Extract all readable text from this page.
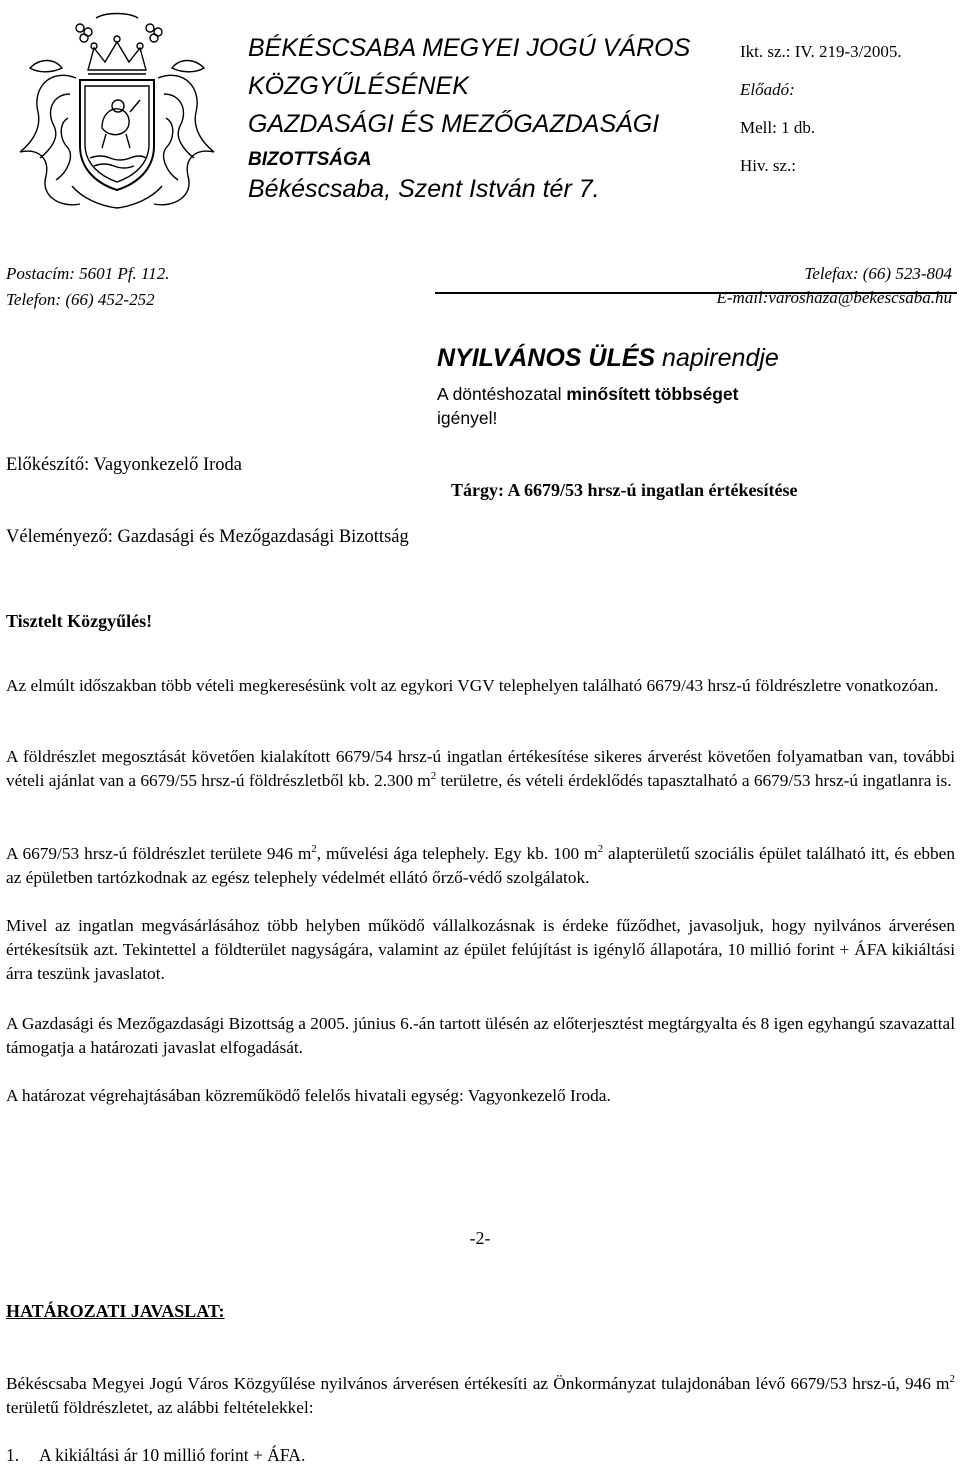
BÉKÉSCSABA MEGYEI JOGÚ VÁROS
KÖZGYŰLÉSÉNEK
GAZDASÁGI ÉS MEZŐGAZDASÁGI
BIZOTTSÁGA
Békéscsaba, Szent István tér 7.
Ikt. sz.: IV. 219-3/2005.
Előadó:
Mell: 1 db.
Hiv. sz.:
Postacím: 5601 Pf. 112.
Telefon: (66) 452-252
Telefax: (66) 523-804
E-mail:varoshaza@bekescsaba.hu
NYILVÁNOS ÜLÉS napirendje
A döntéshozatal minősített többséget
igényel!
Előkészítő: Vagyonkezelő Iroda
Tárgy: A 6679/53 hrsz-ú ingatlan értékesítése
Véleményező: Gazdasági és Mezőgazdasági Bizottság
Tisztelt Közgyűlés!

Az elmúlt időszakban több vételi megkeresésünk volt az egykori VGV telephelyen található 6679/43 hrsz-ú földrészletre vonatkozóan.

A földrészlet megosztását követően kialakított 6679/54 hrsz-ú ingatlan értékesítése sikeres árverést követően folyamatban van, további vételi ajánlat van a 6679/55 hrsz-ú földrészletből kb. 2.300 $m^2$ területre, és vételi érdeklődés tapasztalható a 6679/53 hrsz-ú ingatlanra is.

A 6679/53 hrsz-ú földrészlet területe 946 $m^2$, művelési ága telephely. Egy kb. 100 $m^2$ alapterületű szociális épület található itt, és ebben az épületben tartózkodnak az egész telephely védelmét ellátó őrző-védő szolgálatok.

Mivel az ingatlan megvásárlásához több helyben működő vállalkozásnak is érdeke fűződhet, javasoljuk, hogy nyilvános árverésen értékesítsük azt. Tekintettel a földterület nagyságára, valamint az épület felújítást is igénylő állapotára, 10 millió forint + ÁFA kikiáltási árra teszünk javaslatot.

A Gazdasági és Mezőgazdasági Bizottság a 2005. június 6.-án tartott ülésén az előterjesztést megtárgyalta és 8 igen egyhangú szavazattal támogatja a határozati javaslat elfogadását.

A határozat végrehajtásában közreműködő felelős hivatali egység: Vagyonkezelő Iroda.

-2-
HATÁROZATI JAVASLAT:

Békéscsaba Megyei Jogú Város Közgyűlése nyilvános árverésen értékesíti az Önkormányzat tulajdonában lévő 6679/53 hrsz-ú, 946 $m^2$ területű földrészletet, az alábbi feltételekkel:

1. A kikiáltási ár 10 millió forint + ÁFA.
